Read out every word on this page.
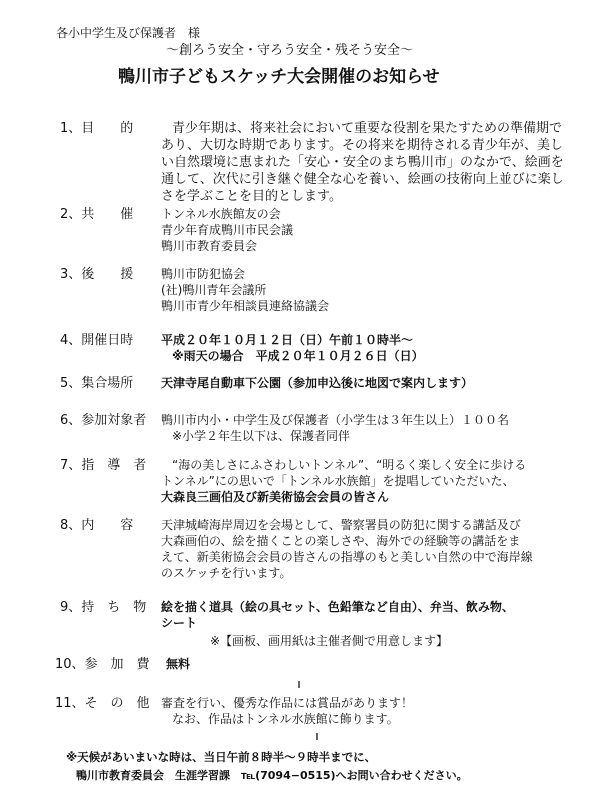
各小中学生及び保護者　様
〜創ろう安全・守ろう安全・残そう安全〜
鴨川市子どもスケッチ大会開催のお知らせ
1、目　　的	青少年期は、将来社会において重要な役割を果たすための準備期で
あり、大切な時期であります。その将来を期待される青少年が、美し
い自然環境に恵まれた「安心・安全のまち鴨川市」のなかで、絵画を
通して、次代に引き継ぐ健全な心を養い、絵画の技術向上並びに楽し
さを学ぶことを目的とします。
2、共　　催 トンネル水族館友の会
青少年育成鴨川市民会議
鴨川市教育委員会
3、後　　援 鴨川市防犯協会
(社)鴨川青年会議所
鴨川市青少年相談員連絡協議会
4、開催日時 平成２０年１０月１２日（日）午前１０時半〜
※雨天の場合　平成２０年１０月２６日（日）
5、集合場所 天津寺尾自動車下公園（参加申込後に地図で案内します）
6、参加対象者 鴨川市内小・中学生及び保護者（小学生は３年生以上）１００名
※小学２年生以下は、保護者同伴
7、指　導　者 “海の美しさにふさわしいトンネル”、“明るく楽しく安全に歩ける
トンネル”にの思いで「トンネル水族館」を提唱していただいた、
大森良三画伯及び新美術協会会員の皆さん
8、内　　容 天津城崎海岸周辺を会場として、警察署員の防犯に関する講話及び
大森画伯の、絵を描くことの楽しさや、海外での経験等の講話をま
えて、新美術協会会員の皆さんの指導のもと美しい自然の中で海岸線
のスケッチを行います。
9、持　ち　物 絵を描く道具（絵の具セット、色鉛筆など自由）、弁当、飲み物、
シート
※【画板、画用紙は主催者側で用意します】
10、参　加　費 無料
11、そ　の　他 審査を行い、優秀な作品には賞品があります！
なお、作品はトンネル水族館に飾ります。
※天候があいまいな時は、当日午前８時半〜９時半までに、
鴨川市教育委員会　生涯学習課　℡(7094−0515)へお問い合わせください。
